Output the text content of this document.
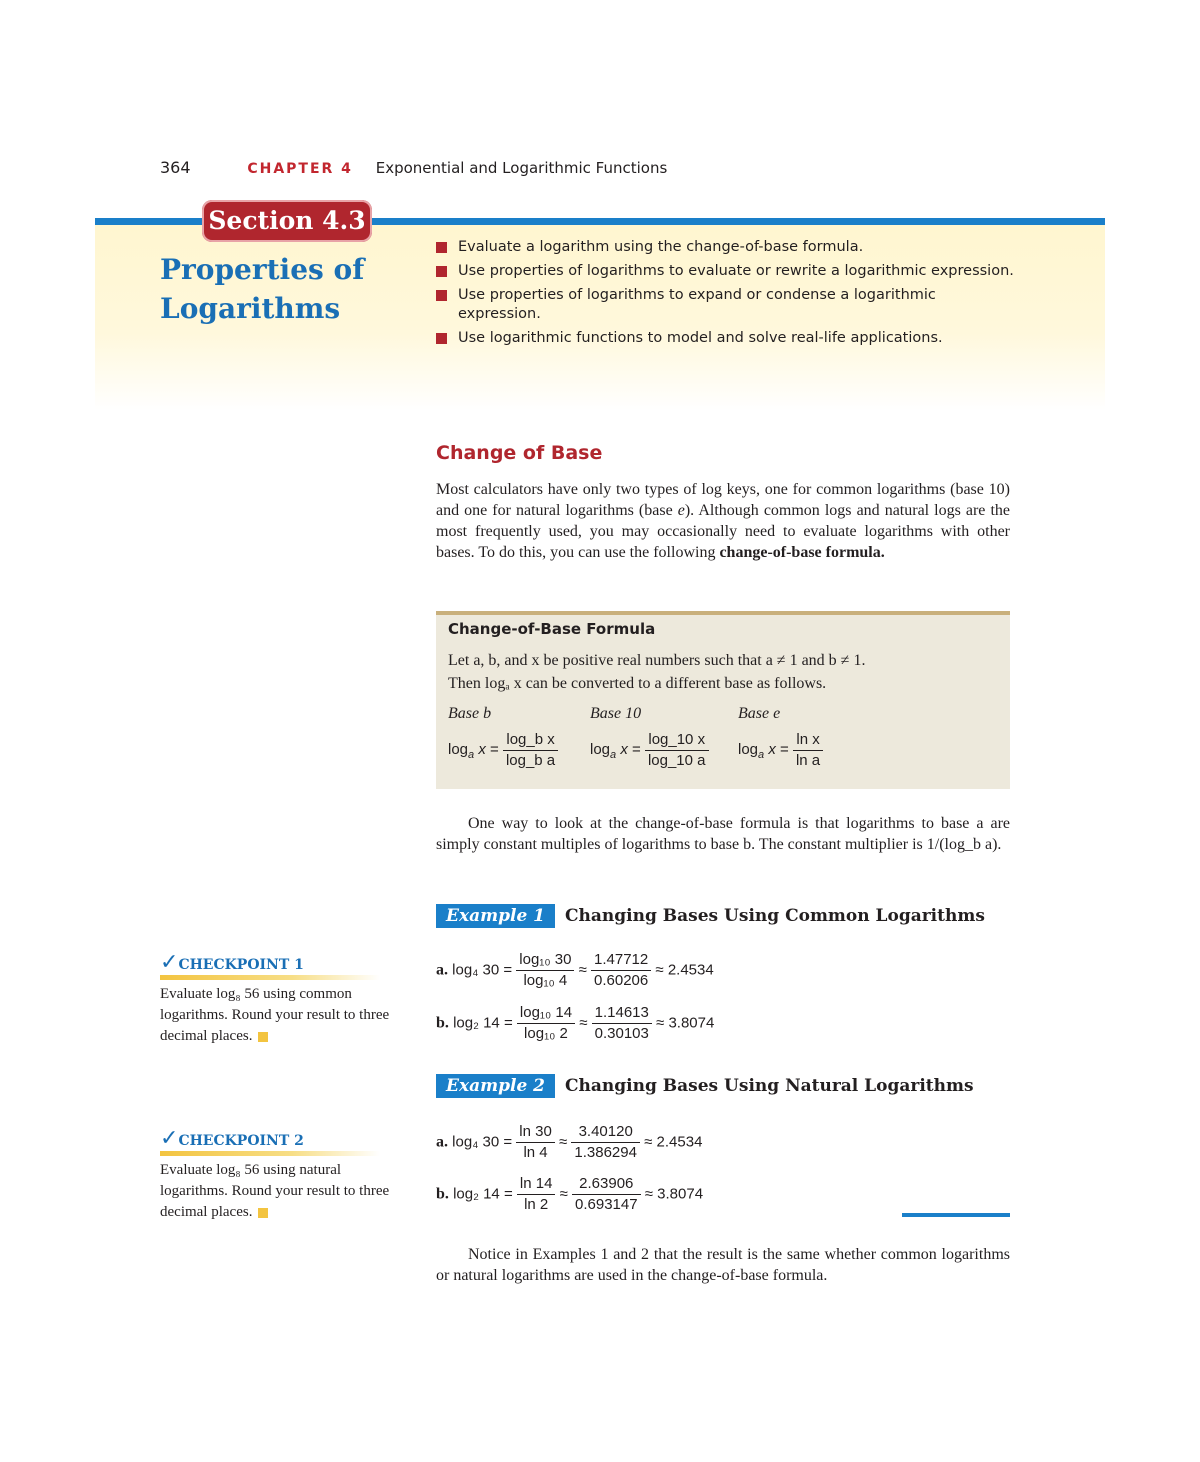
364	CHAPTER 4 Exponential and Logarithmic Functions
Section 4.3
Properties of Logarithms
Evaluate a logarithm using the change-of-base formula.
Use properties of logarithms to evaluate or rewrite a logarithmic expression.
Use properties of logarithms to expand or condense a logarithmic expression.
Use logarithmic functions to model and solve real-life applications.
Change of Base
Most calculators have only two types of log keys, one for common logarithms (base 10) and one for natural logarithms (base e). Although common logs and natural logs are the most frequently used, you may occasionally need to evaluate logarithms with other bases. To do this, you can use the following change-of-base formula.
Change-of-Base Formula
Let a, b, and x be positive real numbers such that a ≠ 1 and b ≠ 1.
Then logₐ x can be converted to a different base as follows.
Base b	Base 10	Base e
$\log_a x = \frac{\text{log\_b x}}{\text{log\_b a}} \log_a x = \frac{\log\_10 x}{\log\_10 a} \log_a x = \frac{\text{ln x}}{\text{ln a}}$
One way to look at the change-of-base formula is that logarithms to base a are simply constant multiples of logarithms to base b. The constant multiplier is 1/(log_b a).
Example 1 Changing Bases Using Common Logarithms
a. log₄ $30 = \frac{\text{log₁₀ 30}}{\text{log₁₀ 4}} \approx \frac{1.47712}{0.60206} \approx 2.4534$
b. log₂ $14 = \frac{\text{log₁₀ 14}}{\text{log₁₀ 2}} \approx \frac{1.14613}{0.30103} \approx 3.8074$
Example 2 Changing Bases Using Natural Logarithms
a. log₄ $30 = \frac{\ln 30}{\ln 4} \approx \frac{3.40120}{1.386294} \approx 2.4534$
b. log₂ $14 = \frac{\ln 14}{\ln 2} \approx \frac{2.63906}{0.693147} \approx 3.8074$
✓CHECKPOINT 1
Evaluate log₈ 56 using common logarithms. Round your result to three decimal places.
✓CHECKPOINT 2
Evaluate log₈ 56 using natural logarithms. Round your result to three decimal places.
Notice in Examples 1 and 2 that the result is the same whether common logarithms or natural logarithms are used in the change-of-base formula.
